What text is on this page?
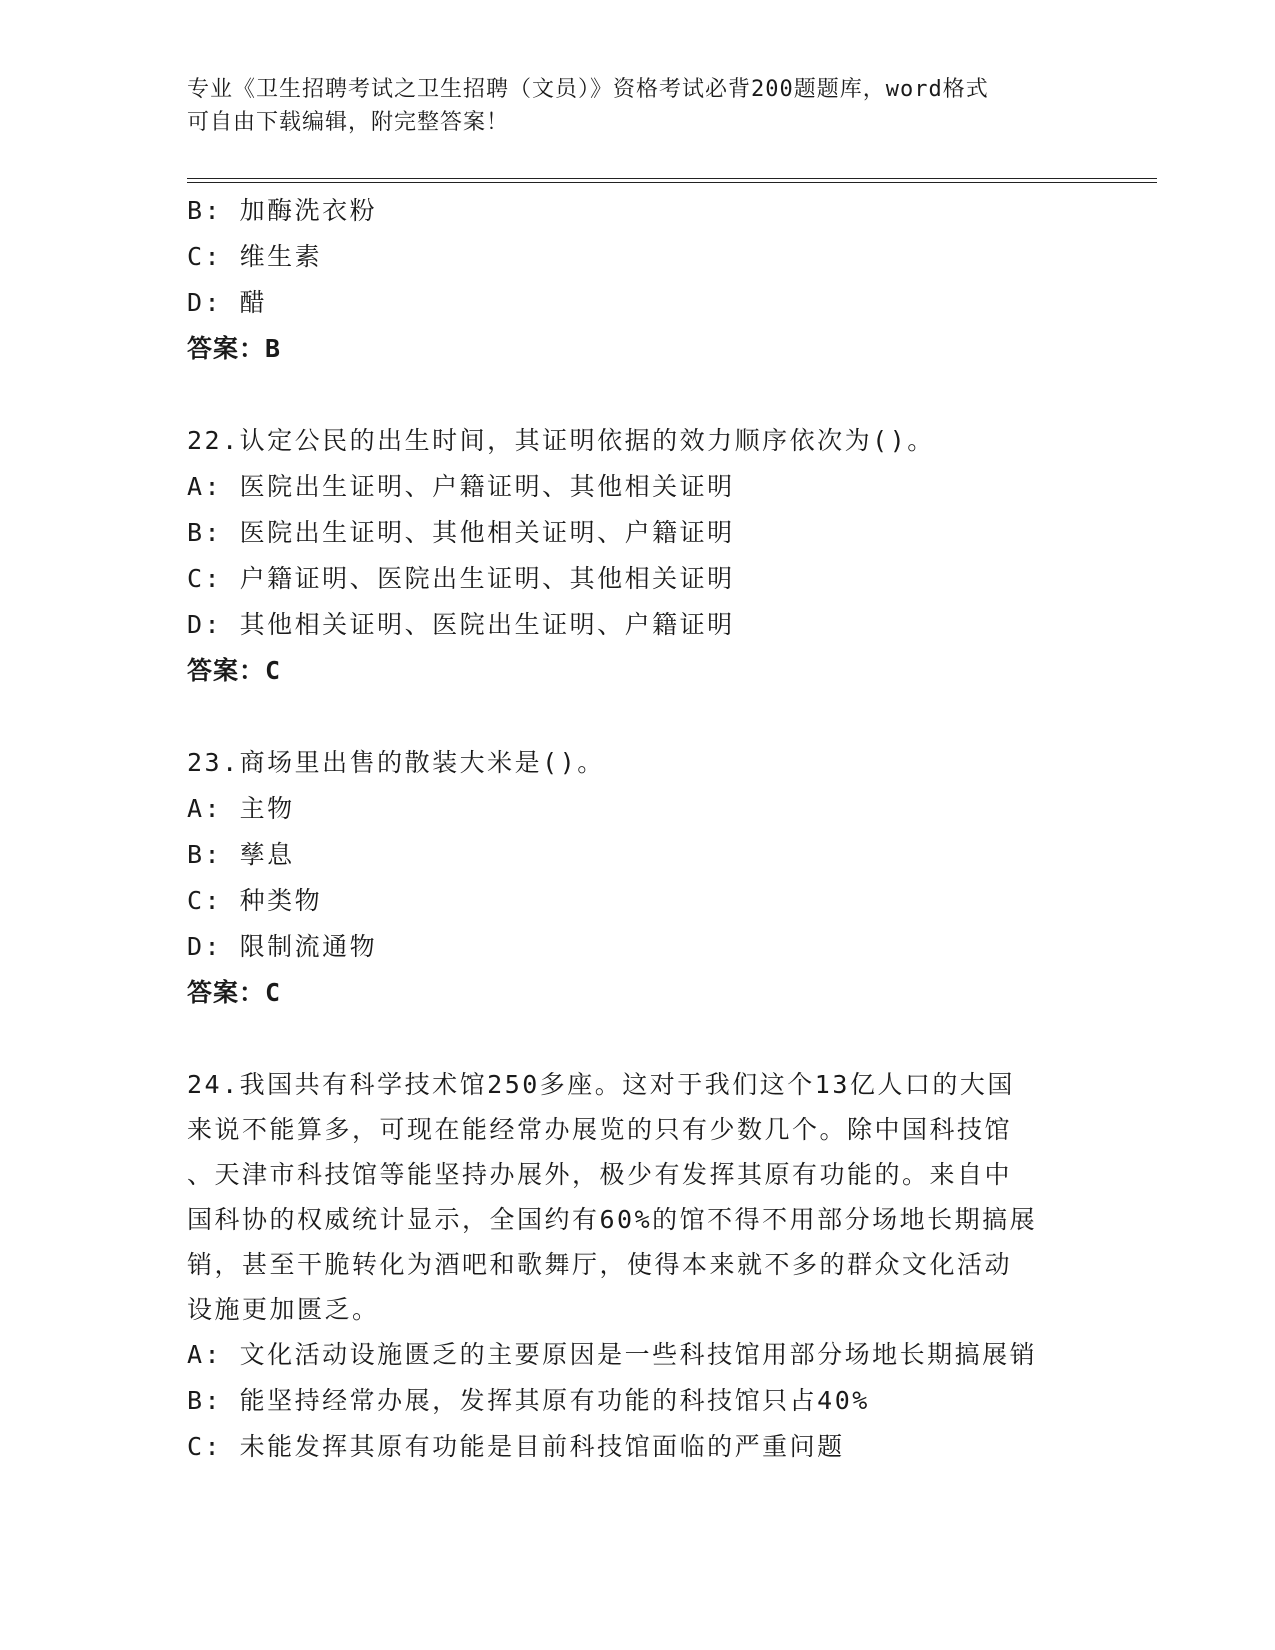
专业《卫生招聘考试之卫生招聘（文员）》资格考试必背200题题库，word格式
可自由下载编辑，附完整答案！
B: 加酶洗衣粉
C: 维生素
D: 醋
答案：B
22.认定公民的出生时间，其证明依据的效力顺序依次为()。
A: 医院出生证明、户籍证明、其他相关证明
B: 医院出生证明、其他相关证明、户籍证明
C: 户籍证明、医院出生证明、其他相关证明
D: 其他相关证明、医院出生证明、户籍证明
答案：C
23.商场里出售的散装大米是()。
A: 主物
B: 孳息
C: 种类物
D: 限制流通物
答案：C
24.我国共有科学技术馆250多座。这对于我们这个13亿人口的大国
来说不能算多，可现在能经常办展览的只有少数几个。除中国科技馆
、天津市科技馆等能坚持办展外，极少有发挥其原有功能的。来自中
国科协的权威统计显示，全国约有60%的馆不得不用部分场地长期搞展
销，甚至干脆转化为酒吧和歌舞厅，使得本来就不多的群众文化活动
设施更加匮乏。
A: 文化活动设施匮乏的主要原因是一些科技馆用部分场地长期搞展销
B: 能坚持经常办展，发挥其原有功能的科技馆只占40%
C: 未能发挥其原有功能是目前科技馆面临的严重问题
